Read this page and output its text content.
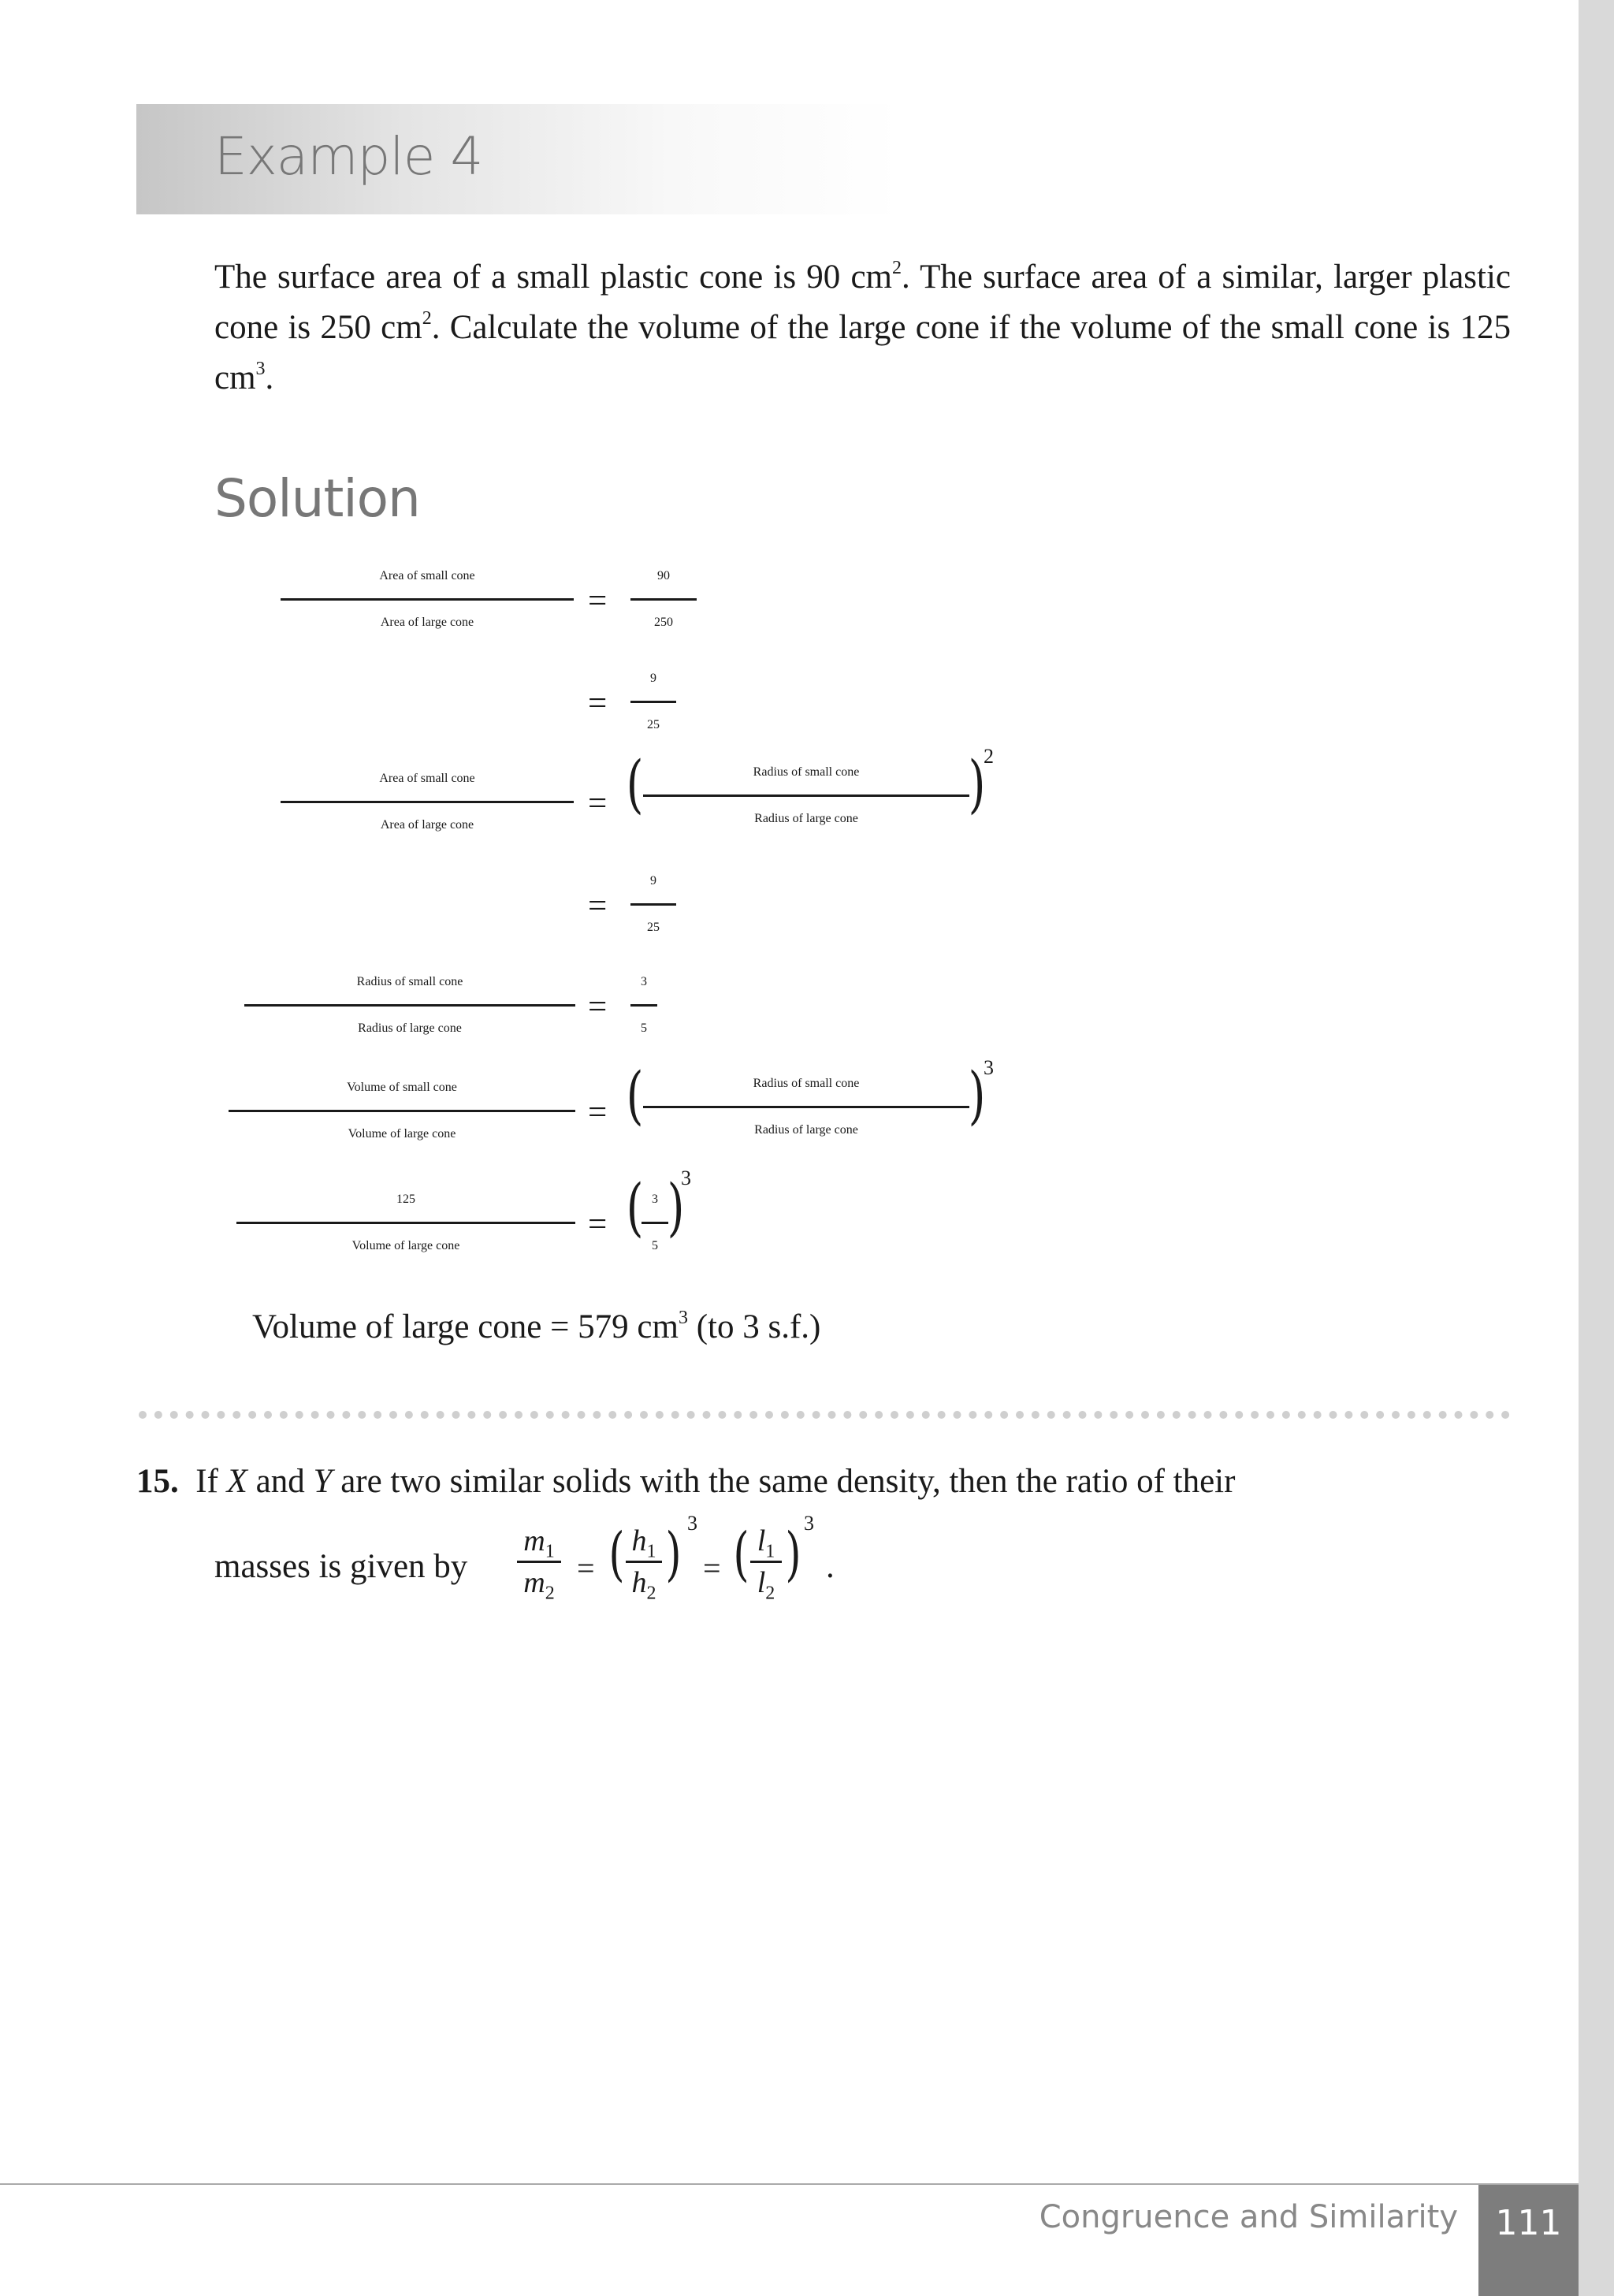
Example 4
The surface area of a small plastic cone is 90 $cm^2$. The surface area of a similar, larger plastic cone is 250 $cm^2$. Calculate the volume of the large cone if the volume of the small cone is 125 $cm^3$.
Solution
Area of small cone
Area of large cone
= $\frac{90}{250}$
= $\frac{9}{25}$
Area of small cone
Area of large cone
= (	Radius of small cone
Radius of large cone	)
2
= $\frac{9}{25}$
Radius of small cone
Radius of large cone
= $\frac{3}{5}$
Volume of small cone
Volume of large cone
= (	Radius of small cone
Radius of large cone	)
3
125
Volume of large cone
= (
$\frac{3}{5}$
)
3
Volume of large cone = 579 $cm^3$ (to 3 s.f.)
15. If X and Y are two similar solids with the same density, then the ratio of their
masses is given by $\frac{m_1}{m_2}$ = ( $\frac{h_1}{h_2}$ ) 3
= ( $\frac{l_1}{l_2}$ ) 3
.
Congruence and Similarity	111
